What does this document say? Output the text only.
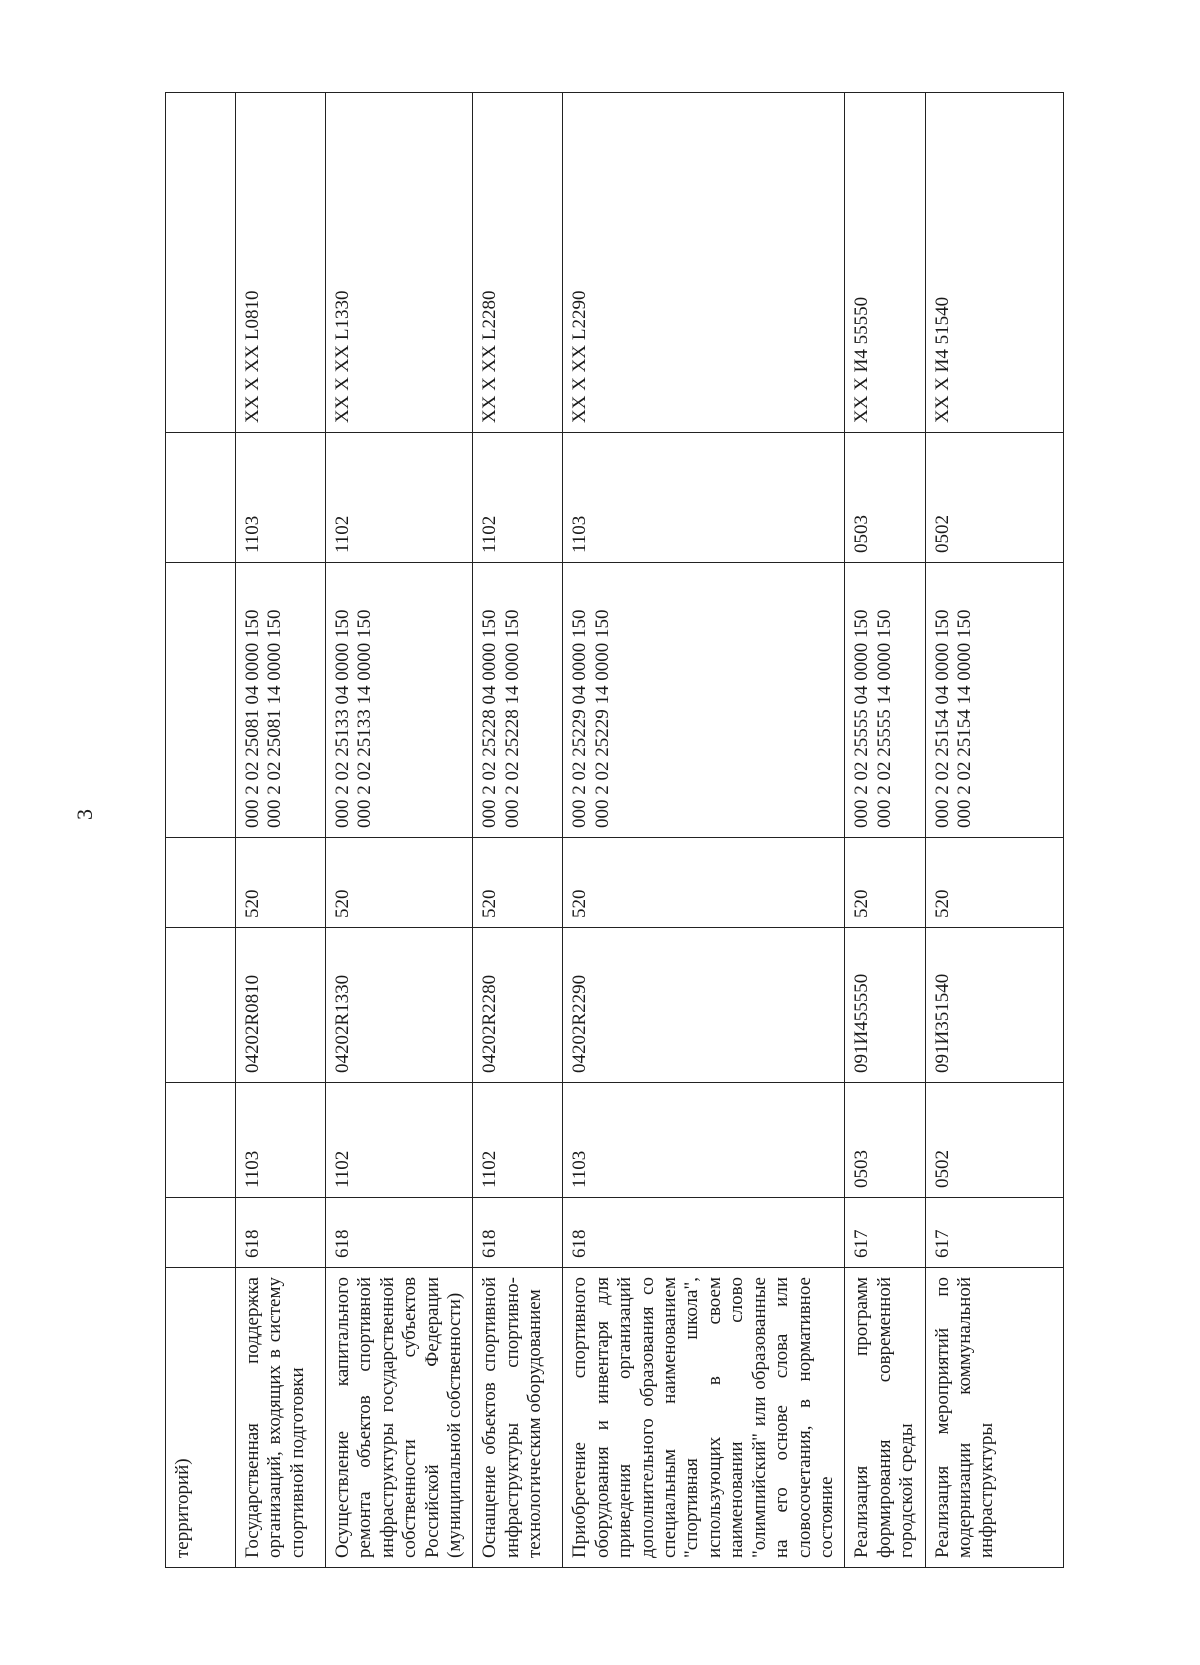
3
территорий)							
Государственная поддержка организаций, входящих в систему спортивной подготовки	618	1103	04202R0810	520	000 2 02 25081 04 0000 150
000 2 02 25081 14 0000 150	1103	XX X XX L0810
Осуществление капитального ремонта объектов спортивной инфраструктуры государственной собственности субъектов Российской Федерации (муниципальной собственности)	618	1102	04202R1330	520	000 2 02 25133 04 0000 150
000 2 02 25133 14 0000 150	1102	XX X XX L1330
Оснащение объектов спортивной инфраструктуры спортивно-технологическим оборудованием	618	1102	04202R2280	520	000 2 02 25228 04 0000 150
000 2 02 25228 14 0000 150	1102	XX X XX L2280
Приобретение спортивного оборудования и инвентаря для приведения организаций дополнительного образования со специальным наименованием "спортивная школа", использующих в своем наименовании слово "олимпийский" или образованные на его основе слова или словосочетания, в нормативное состояние	618	1103	04202R2290	520	000 2 02 25229 04 0000 150
000 2 02 25229 14 0000 150	1103	XX X XX L2290
Реализация программ формирования современной городской среды	617	0503	091И455550	520	000 2 02 25555 04 0000 150
000 2 02 25555 14 0000 150	0503	XX X И4 55550
Реализация мероприятий по модернизации коммунальной инфраструктуры	617	0502	091И351540	520	000 2 02 25154 04 0000 150
000 2 02 25154 14 0000 150	0502	XX X И4 51540
